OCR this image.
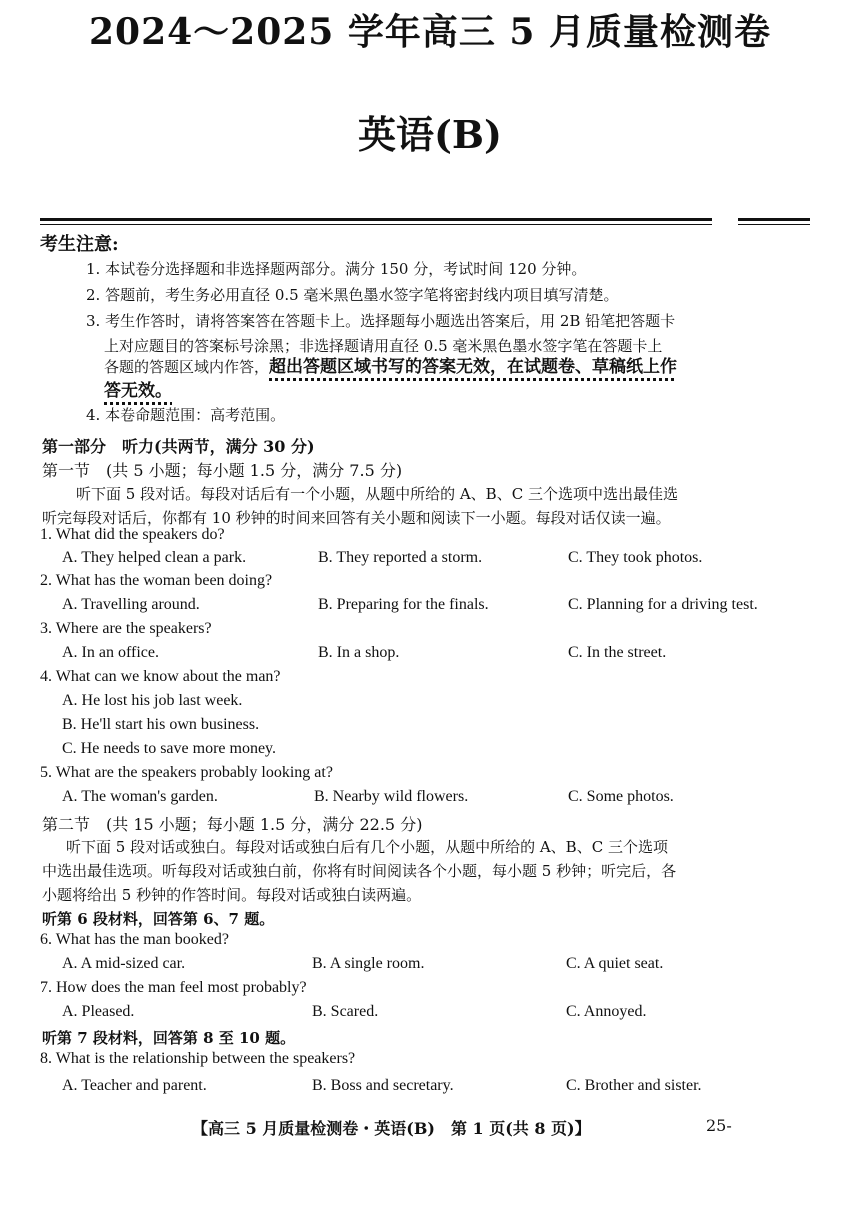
2024～2025 学年高三 5 月质量检测卷
英语(B)
考生注意:
1. 本试卷分选择题和非选择题两部分。满分 150 分，考试时间 120 分钟。
2. 答题前，考生务必用直径 0.5 毫米黑色墨水签字笔将密封线内项目填写清楚。
3. 考生作答时，请将答案答在答题卡上。选择题每小题选出答案后，用 2B 铅笔把答题卡
上对应题目的答案标号涂黑；非选择题请用直径 0.5 毫米黑色墨水签字笔在答题卡上
各题的答题区域内作答，超出答题区域书写的答案无效，在试题卷、草稿纸上作
答无效。
4. 本卷命题范围：高考范围。
第一部分　听力(共两节，满分 30 分)
第一节　(共 5 小题；每小题 1.5 分，满分 7.5 分)
听下面 5 段对话。每段对话后有一个小题，从题中所给的 A、B、C 三个选项中选出最佳选
听完每段对话后，你都有 10 秒钟的时间来回答有关小题和阅读下一小题。每段对话仅读一遍。
1. What did the speakers do?
A. They helped clean a park.	B. They reported a storm.	C. They took photos.
2. What has the woman been doing?
A. Travelling around.	B. Preparing for the finals.	C. Planning for a driving test.
3. Where are the speakers?
A. In an office.	B. In a shop.	C. In the street.
4. What can we know about the man?
A. He lost his job last week.
B. He'll start his own business.
C. He needs to save more money.
5. What are the speakers probably looking at?
A. The woman's garden.	B. Nearby wild flowers.	C. Some photos.
第二节　(共 15 小题；每小题 1.5 分，满分 22.5 分)
听下面 5 段对话或独白。每段对话或独白后有几个小题，从题中所给的 A、B、C 三个选项
中选出最佳选项。听每段对话或独白前，你将有时间阅读各个小题，每小题 5 秒钟；听完后，各
小题将给出 5 秒钟的作答时间。每段对话或独白读两遍。
听第 6 段材料，回答第 6、7 题。
6. What has the man booked?
A. A mid-sized car.	B. A single room.	C. A quiet seat.
7. How does the man feel most probably?
A. Pleased.	B. Scared.	C. Annoyed.
听第 7 段材料，回答第 8 至 10 题。
8. What is the relationship between the speakers?
A. Teacher and parent.	B. Boss and secretary.	C. Brother and sister.
【高三 5 月质量检测卷・英语(B)　第 1 页(共 8 页)】	25-
